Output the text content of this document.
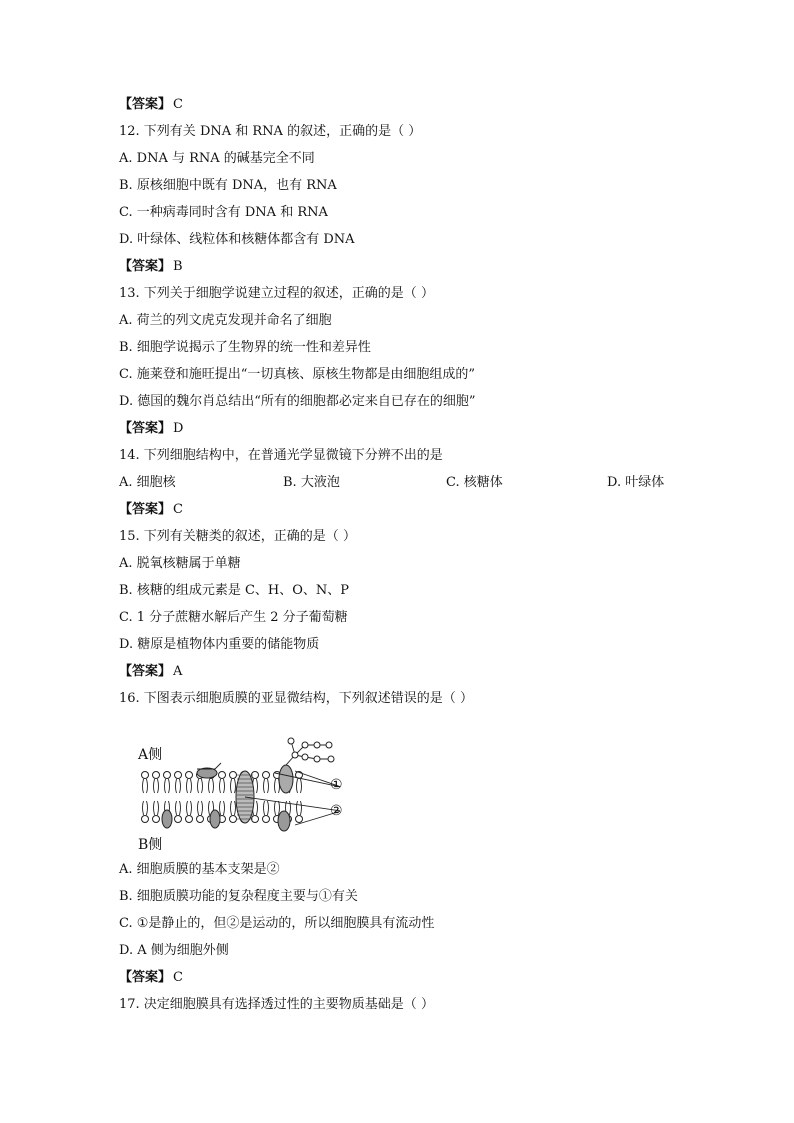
【答案】 C
12. 下列有关 DNA 和 RNA 的叙述，正确的是（ ）
A. DNA 与 RNA 的碱基完全不同
B. 原核细胞中既有 DNA，也有 RNA
C. 一种病毒同时含有 DNA 和 RNA
D. 叶绿体、线粒体和核糖体都含有 DNA
【答案】 B
13. 下列关于细胞学说建立过程的叙述，正确的是（ ）
A. 荷兰的列文虎克发现并命名了细胞
B. 细胞学说揭示了生物界的统一性和差异性
C. 施莱登和施旺提出“一切真核、原核生物都是由细胞组成的”
D. 德国的魏尔肖总结出“所有的细胞都必定来自已存在的细胞”
【答案】 D
14. 下列细胞结构中，在普通光学显微镜下分辨不出的是
A. 细胞核	B. 大液泡	C. 核糖体	D. 叶绿体
【答案】 C
15. 下列有关糖类的叙述，正确的是（ ）
A. 脱氧核糖属于单糖
B. 核糖的组成元素是 C、H、O、N、P
C. 1 分子蔗糖水解后产生 2 分子葡萄糖
D. 糖原是植物体内重要的储能物质
【答案】 A
16. 下图表示细胞质膜的亚显微结构，下列叙述错误的是（ ）
A侧
B侧
①
②
A. 细胞质膜的基本支架是②
B. 细胞质膜功能的复杂程度主要与①有关
C. ①是静止的，但②是运动的，所以细胞膜具有流动性
D. A 侧为细胞外侧
【答案】 C
17. 决定细胞膜具有选择透过性的主要物质基础是（ ）
